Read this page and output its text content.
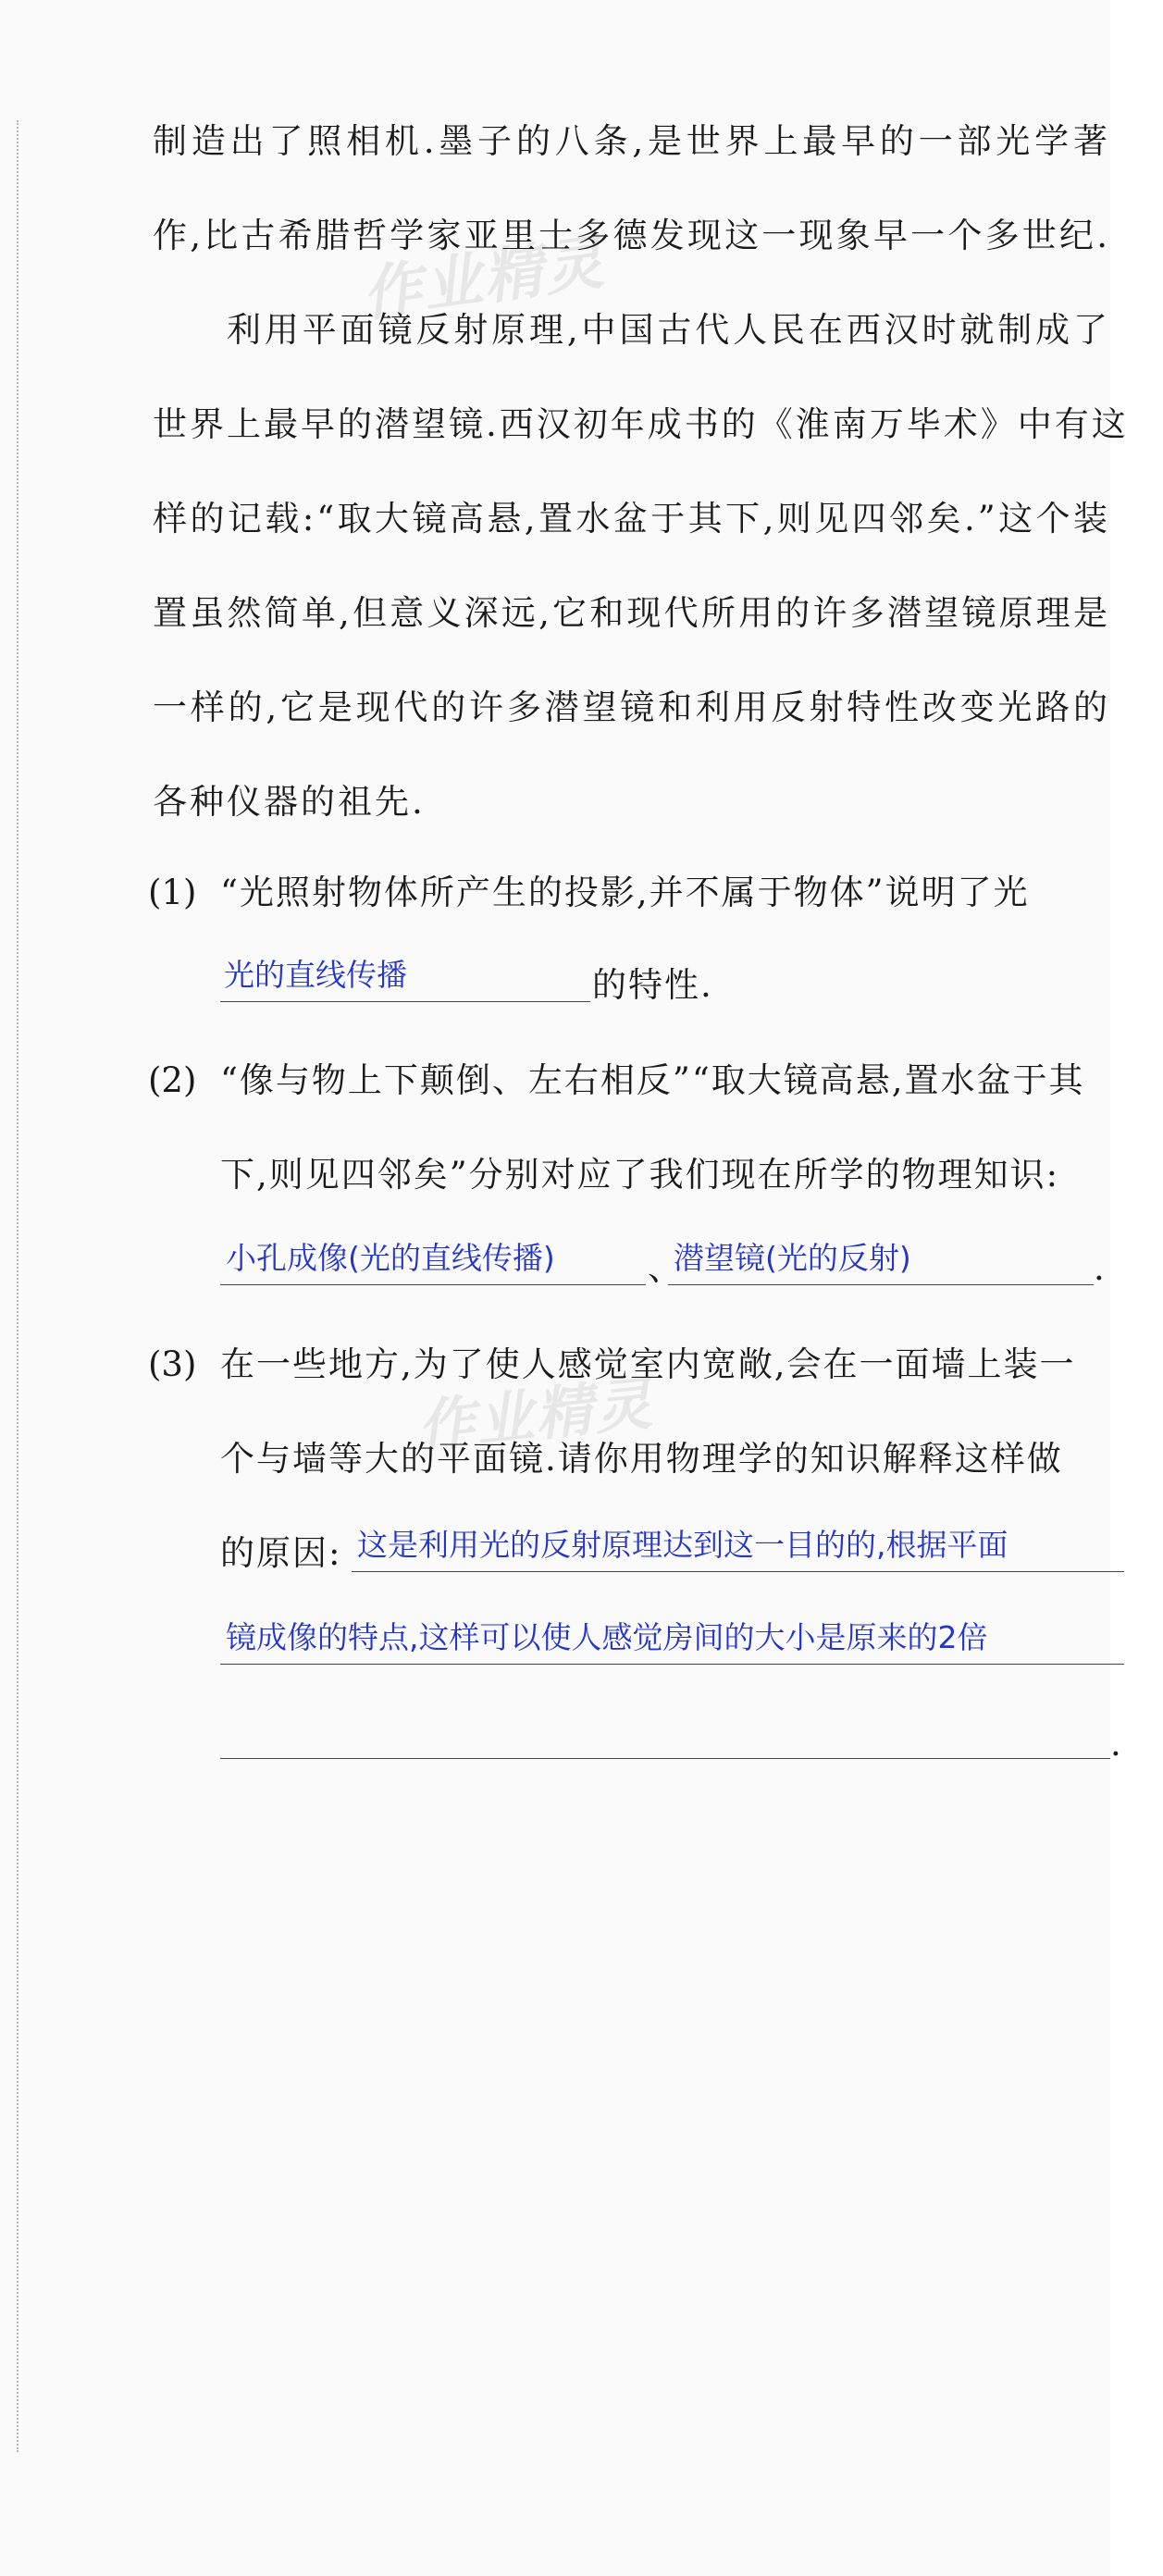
作业精灵
作业精灵
制造出了照相机.墨子的八条,是世界上最早的一部光学著
作,比古希腊哲学家亚里士多德发现这一现象早一个多世纪.
利用平面镜反射原理,中国古代人民在西汉时就制成了
世界上最早的潜望镜.西汉初年成书的《淮南万毕术》中有这
样的记载:“取大镜高悬,置水盆于其下,则见四邻矣.”这个装
置虽然简单,但意义深远,它和现代所用的许多潜望镜原理是
一样的,它是现代的许多潜望镜和利用反射特性改变光路的
各种仪器的祖先.
(1) “光照射物体所产生的投影,并不属于物体”说明了光
光的直线传播	的特性.
(2) “像与物上下颠倒、左右相反”“取大镜高悬,置水盆于其
下,则见四邻矣”分别对应了我们现在所学的物理知识:
小孔成像(光的直线传播)	、
潜望镜(光的反射)	.
(3) 在一些地方,为了使人感觉室内宽敞,会在一面墙上装一
个与墙等大的平面镜.请你用物理学的知识解释这样做
的原因: 这是利用光的反射原理达到这一目的的,根据平面
镜成像的特点,这样可以使人感觉房间的大小是原来的2倍
.
